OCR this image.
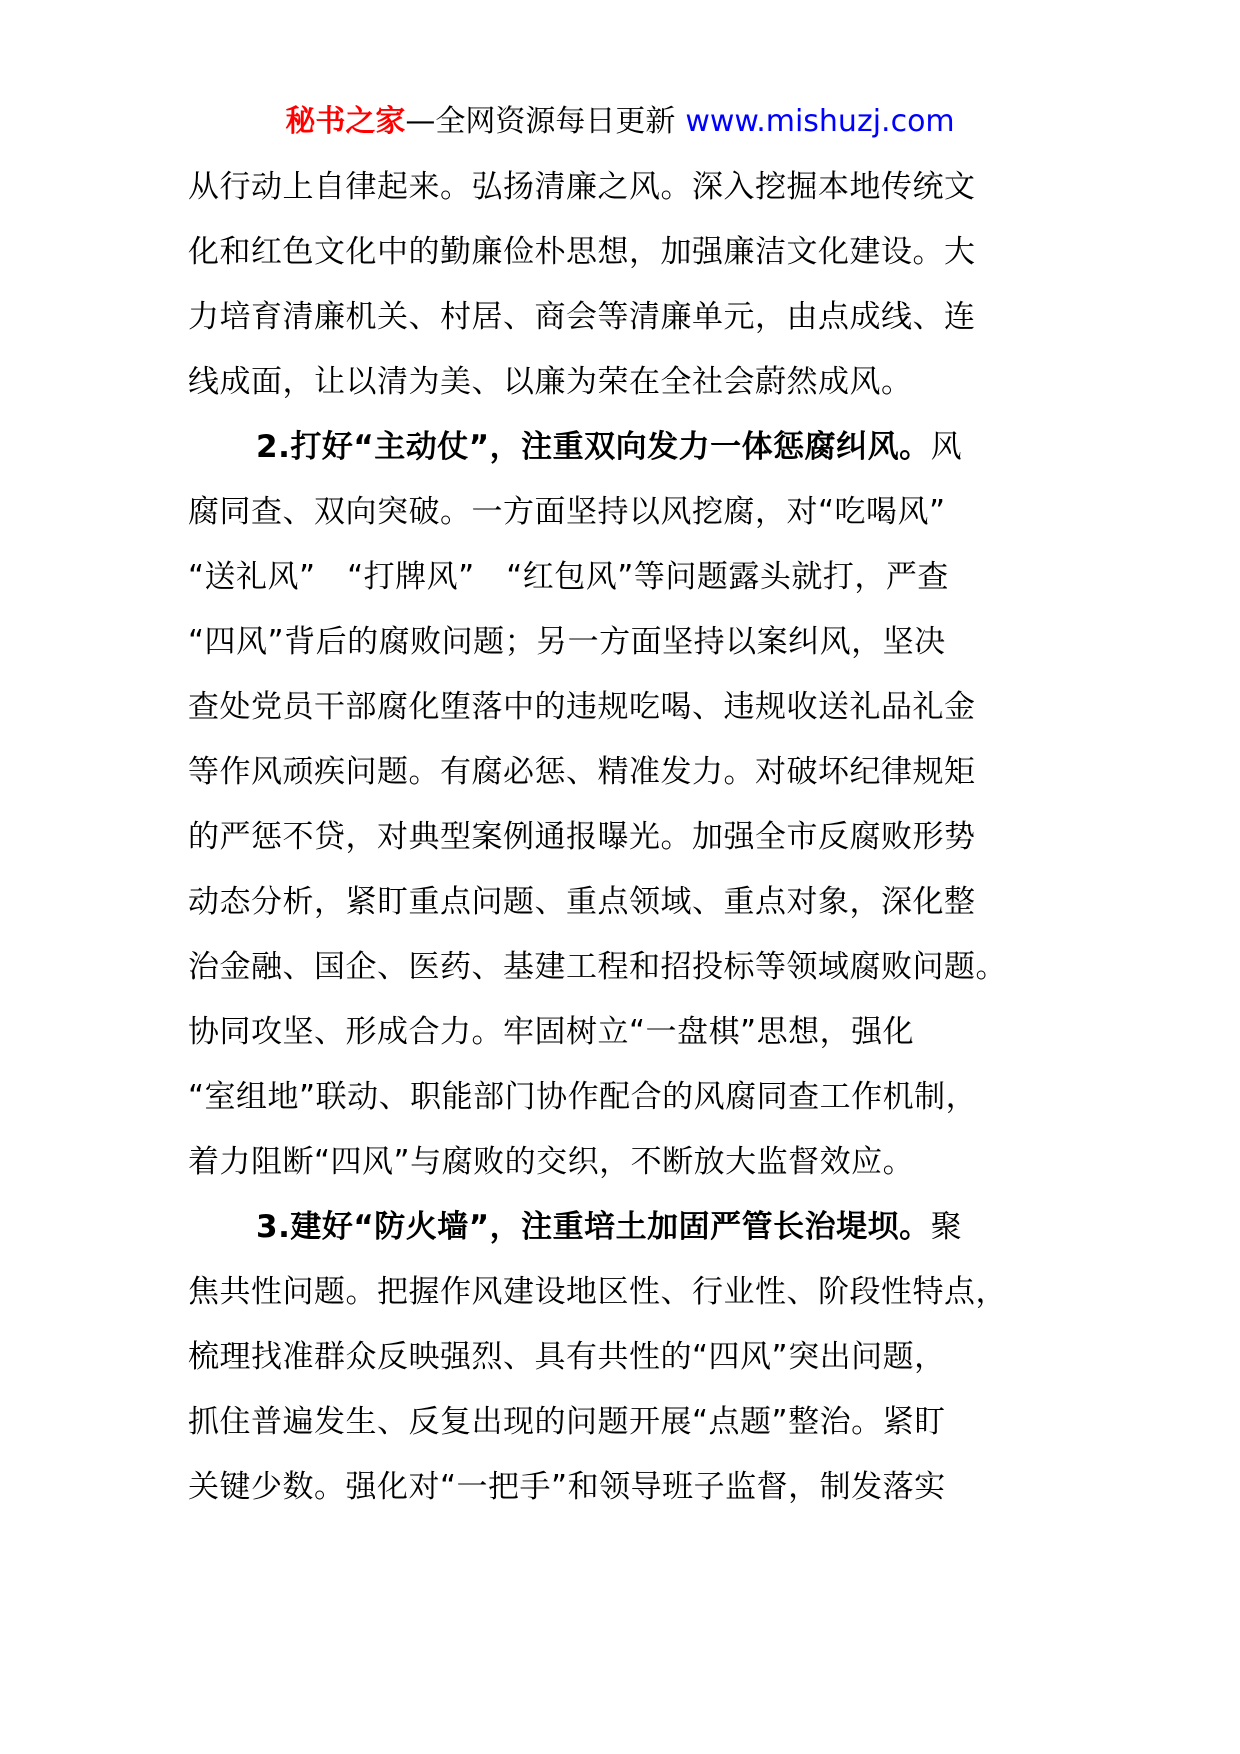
秘书之家—全网资源每日更新 www.mishuzj.com
从行动上自律起来。弘扬清廉之风。深入挖掘本地传统文
化和红色文化中的勤廉俭朴思想，加强廉洁文化建设。大
力培育清廉机关、村居、商会等清廉单元，由点成线、连
线成面，让以清为美、以廉为荣在全社会蔚然成风。
2.打好“主动仗”，注重双向发力一体惩腐纠风。风
腐同查、双向突破。一方面坚持以风挖腐，对“吃喝风”
“送礼风”　“打牌风”　“红包风”等问题露头就打，严查
“四风”背后的腐败问题；另一方面坚持以案纠风，坚决
查处党员干部腐化堕落中的违规吃喝、违规收送礼品礼金
等作风顽疾问题。有腐必惩、精准发力。对破坏纪律规矩
的严惩不贷，对典型案例通报曝光。加强全市反腐败形势
动态分析，紧盯重点问题、重点领域、重点对象，深化整
治金融、国企、医药、基建工程和招投标等领域腐败问题。
协同攻坚、形成合力。牢固树立“一盘棋”思想，强化
“室组地”联动、职能部门协作配合的风腐同查工作机制，
着力阻断“四风”与腐败的交织，不断放大监督效应。
3.建好“防火墙”，注重培土加固严管长治堤坝。聚
焦共性问题。把握作风建设地区性、行业性、阶段性特点，
梳理找准群众反映强烈、具有共性的“四风”突出问题，
抓住普遍发生、反复出现的问题开展“点题”整治。紧盯
关键少数。强化对“一把手”和领导班子监督，制发落实
